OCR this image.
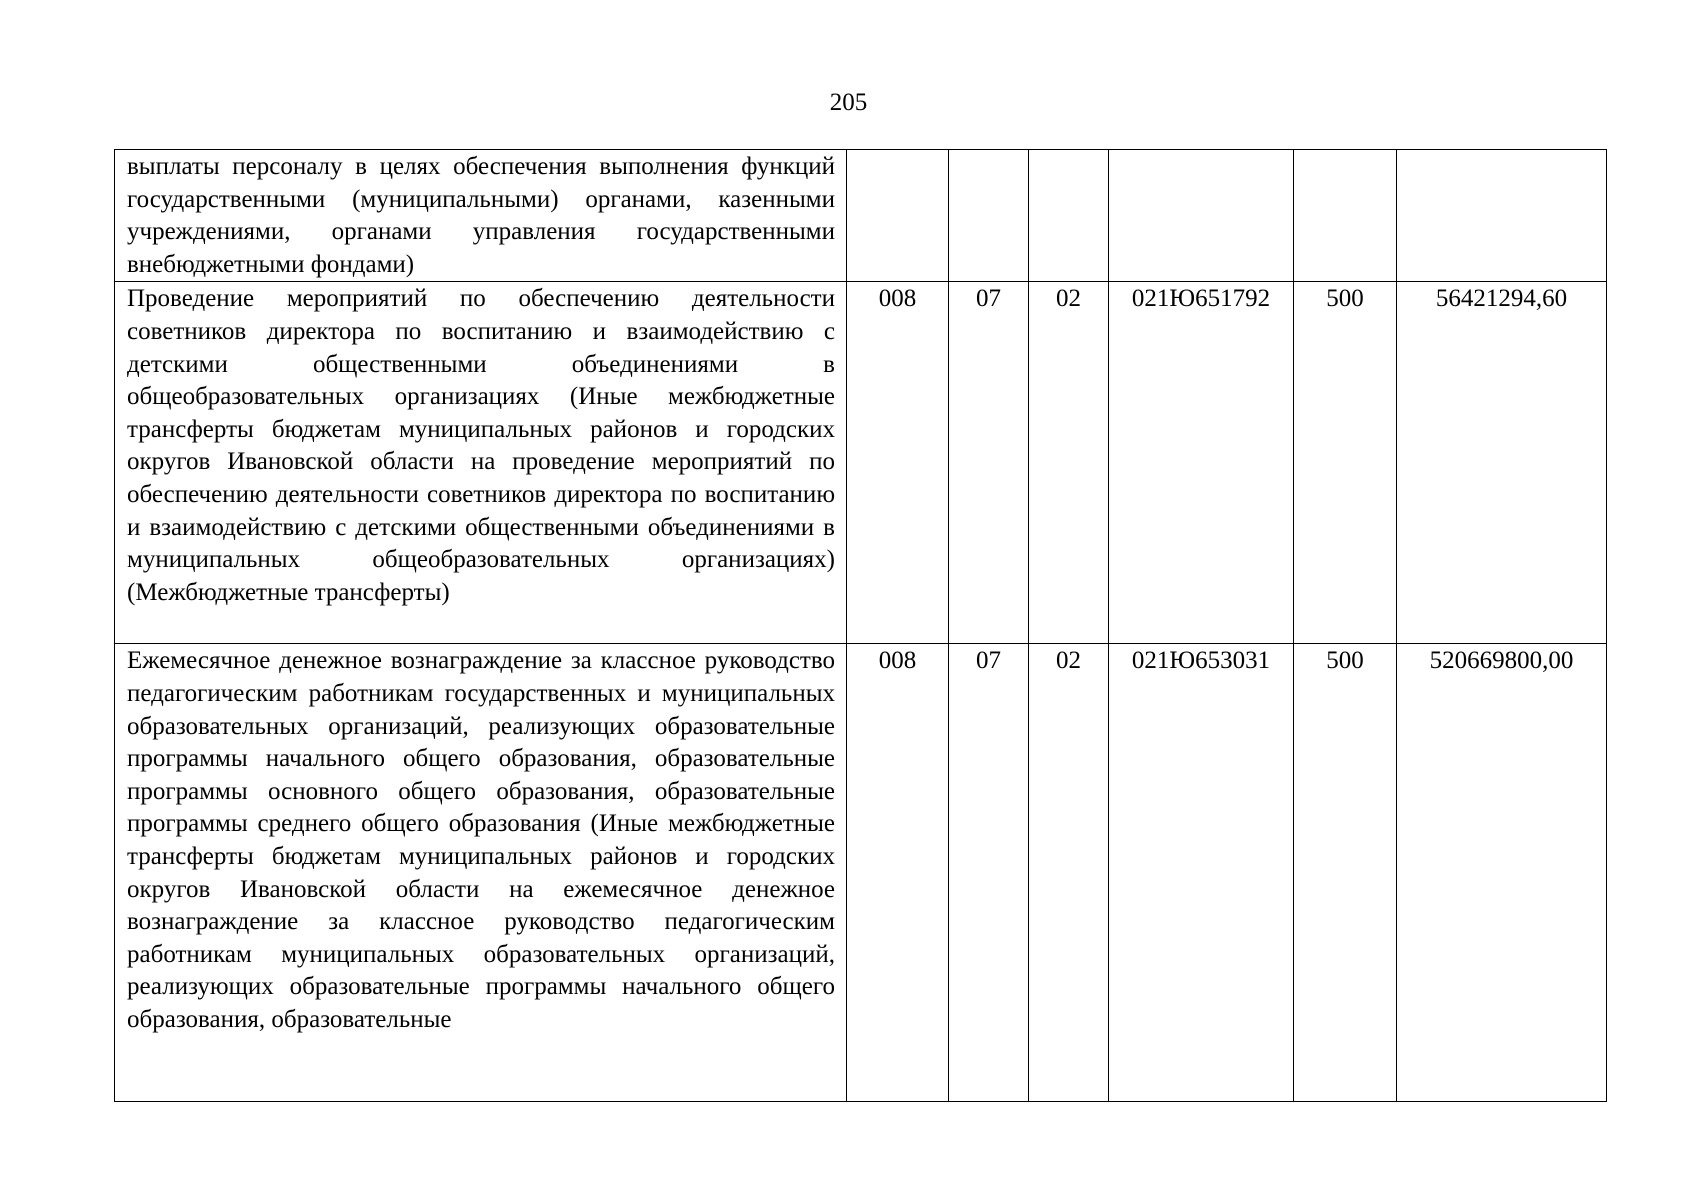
205
выплаты персоналу в целях обеспечения выполнения функций государственными (муниципальными) органами, казенными учреждениями, органами управления государственными внебюджетными фондами)						
Проведение мероприятий по обеспечению деятельности советников директора по воспитанию и взаимодействию с детскими общественными объединениями в общеобразовательных организациях (Иные межбюджетные трансферты бюджетам муниципальных районов и городских округов Ивановской области на проведение мероприятий по обеспечению деятельности советников директора по воспитанию и взаимодействию с детскими общественными объединениями в муниципальных общеобразовательных организациях) (Межбюджетные трансферты)	008	07	02	021Ю651792	500	56421294,60

Ежемесячное денежное вознаграждение за классное руководство педагогическим работникам государственных и муниципальных образовательных организаций, реализующих образовательные программы начального общего образования, образовательные программы основного общего образования, образовательные программы среднего общего образования (Иные межбюджетные трансферты бюджетам муниципальных районов и городских округов Ивановской области на ежемесячное денежное вознаграждение за классное руководство педагогическим работникам муниципальных образовательных организаций, реализующих образовательные программы начального общего образования, образовательные	008	07	02	021Ю653031	500	520669800,00
